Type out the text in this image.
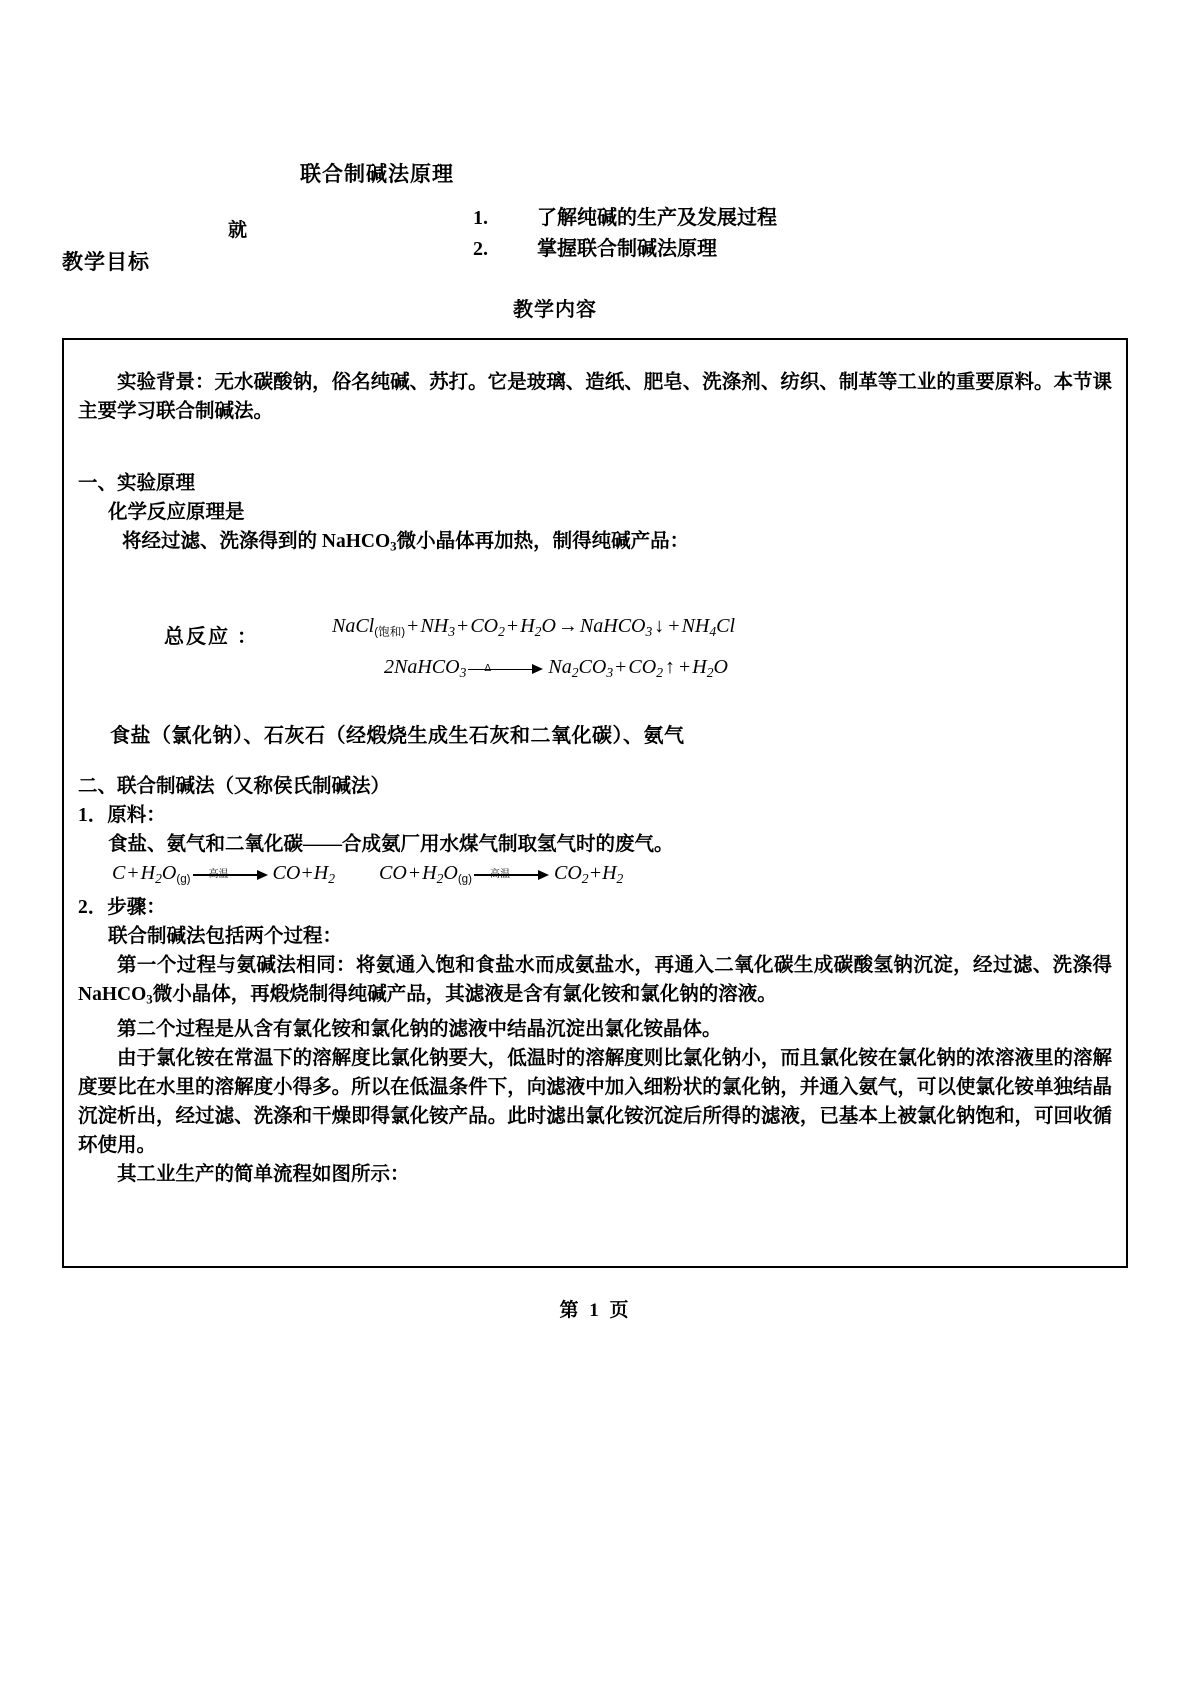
联合制碱法原理
就
教学目标
1. 了解纯碱的生产及发展过程
2. 掌握联合制碱法原理
教学内容

实验背景：无水碳酸钠，俗名纯碱、苏打。它是玻璃、造纸、肥皂、洗涤剂、纺织、制革等工业的重要原料。本节课主要学习联合制碱法。

一、实验原理

化学反应原理是

将经过滤、洗涤得到的 NaHCO$_3$微小晶体再加热，制得纯碱产品：

总反应 ：	NaCl(饱和) + $NH_3 + CO_2 + H_2O$ → NaHCO$_3$ ↓ + $NH_4Cl$
2NaHCO$_3$ Δ	$Na_2CO_3 + CO_2$ ↑ + $H_2O$
食盐（氯化钠）、石灰石（经煅烧生成生石灰和二氧化碳）、氨气

二、联合制碱法（又称侯氏制碱法）

1．原料：

食盐、氨气和二氧化碳——合成氨厂用水煤气制取氢气时的废气。

$C + H_2O(g)$ 高温 $CO+H_2$ CO + $H_2O(g)$ 高温 $CO_2+H_2$

2．步骤：

联合制碱法包括两个过程：

第一个过程与氨碱法相同：将氨通入饱和食盐水而成氨盐水，再通入二氧化碳生成碳酸氢钠沉淀，经过滤、洗涤得 NaHCO$_3$微小晶体，再煅烧制得纯碱产品，其滤液是含有氯化铵和氯化钠的溶液。

第二个过程是从含有氯化铵和氯化钠的滤液中结晶沉淀出氯化铵晶体。

由于氯化铵在常温下的溶解度比氯化钠要大，低温时的溶解度则比氯化钠小，而且氯化铵在氯化钠的浓溶液里的溶解度要比在水里的溶解度小得多。所以在低温条件下，向滤液中加入细粉状的氯化钠，并通入氨气，可以使氯化铵单独结晶沉淀析出，经过滤、洗涤和干燥即得氯化铵产品。此时滤出氯化铵沉淀后所得的滤液，已基本上被氯化钠饱和，可回收循环使用。

其工业生产的简单流程如图所示：

第 1 页
